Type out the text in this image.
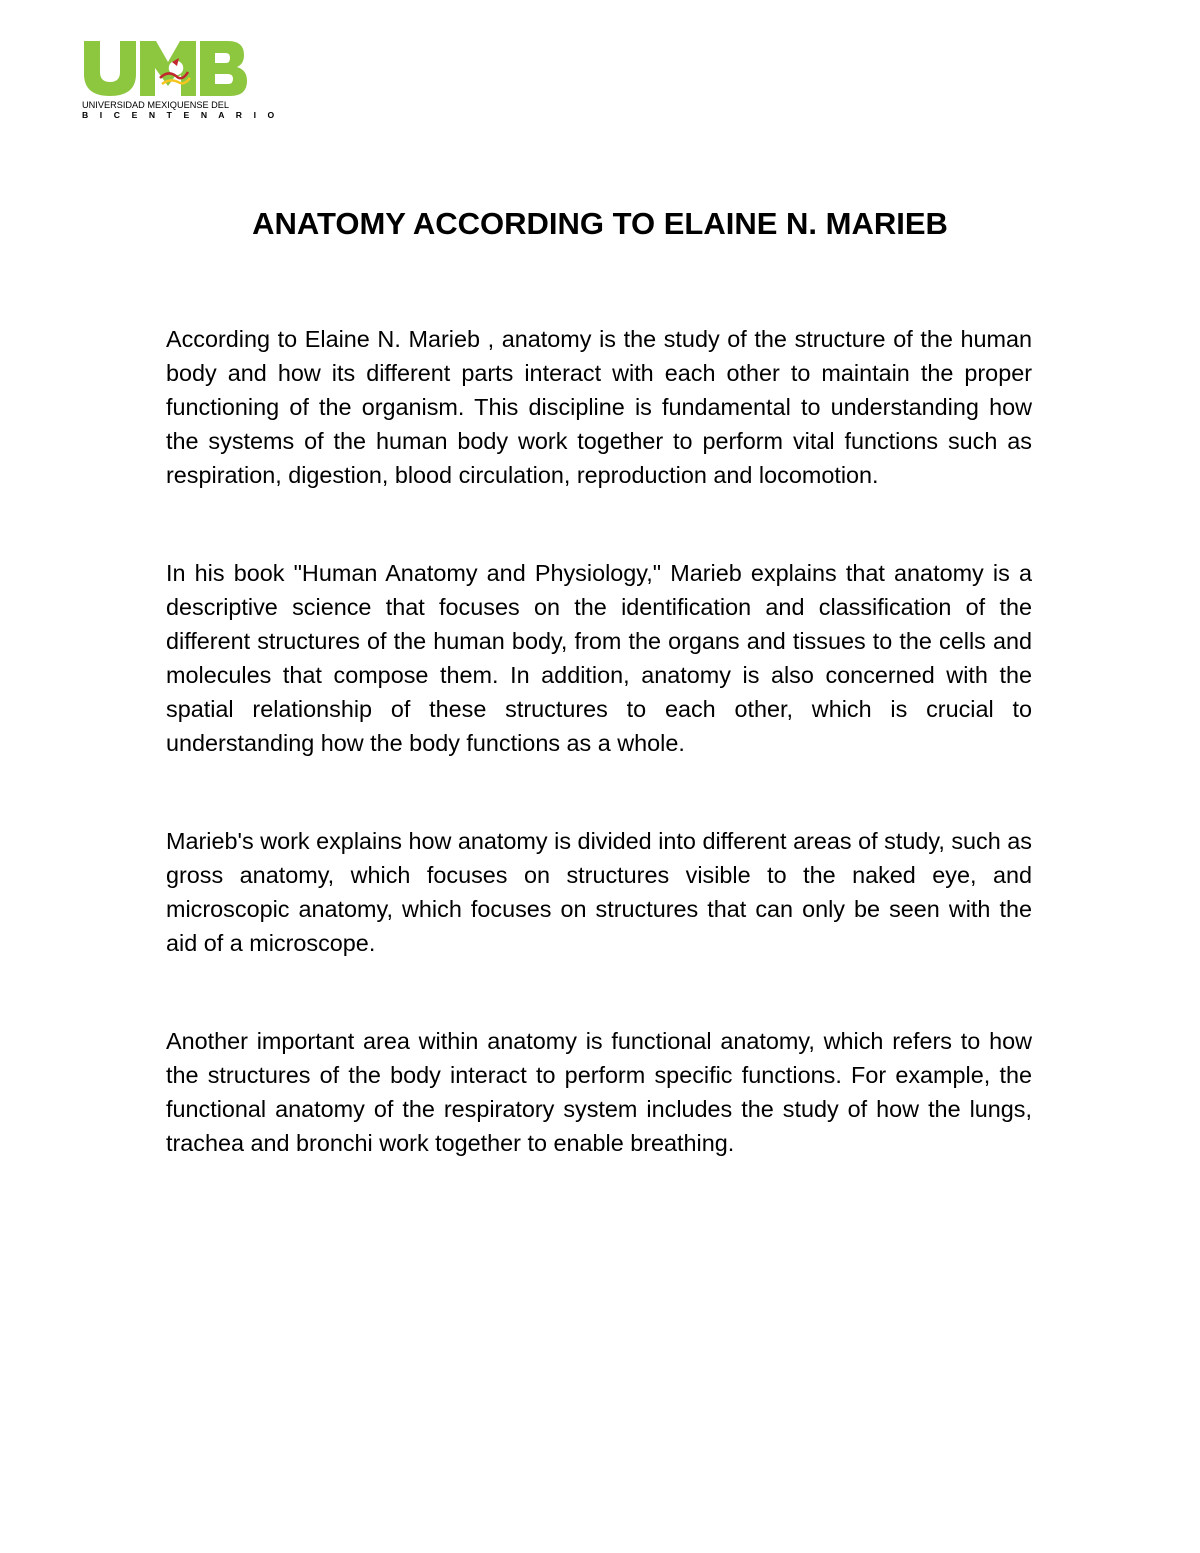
UNIVERSIDAD MEXIQUENSE DEL
B I C E N T E N A R I O
ANATOMY ACCORDING TO ELAINE N. MARIEB

According to Elaine N. Marieb , anatomy is the study of the structure of the human body and how its different parts interact with each other to maintain the proper functioning of the organism. This discipline is fundamental to understanding how the systems of the human body work together to perform vital functions such as respiration, digestion, blood circulation, reproduction and locomotion.

In his book "Human Anatomy and Physiology," Marieb explains that anatomy is a descriptive science that focuses on the identification and classification of the different structures of the human body, from the organs and tissues to the cells and molecules that compose them. In addition, anatomy is also concerned with the spatial relationship of these structures to each other, which is crucial to understanding how the body functions as a whole.

Marieb's work explains how anatomy is divided into different areas of study, such as gross anatomy, which focuses on structures visible to the naked eye, and microscopic anatomy, which focuses on structures that can only be seen with the aid of a microscope.

Another important area within anatomy is functional anatomy, which refers to how the structures of the body interact to perform specific functions. For example, the functional anatomy of the respiratory system includes the study of how the lungs, trachea and bronchi work together to enable breathing.
